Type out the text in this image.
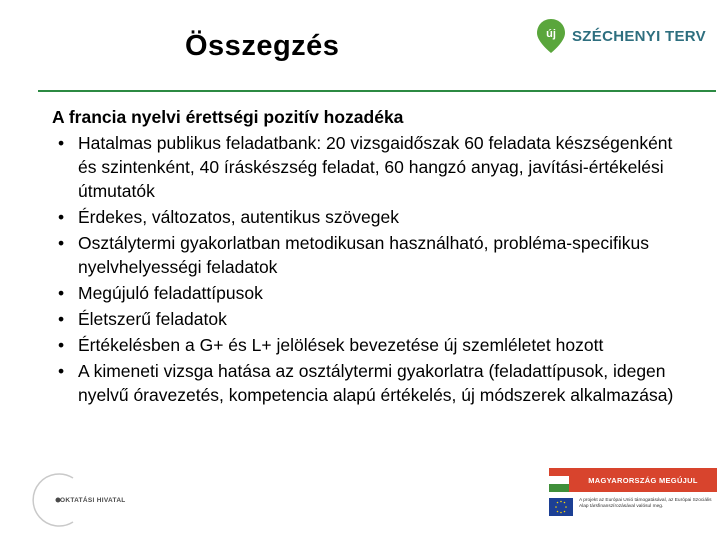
Összegzés	új SZÉCHENYI TERV

A francia nyelvi érettségi pozitív hozadéka

• Hatalmas publikus feladatbank: 20 vizsgaidőszak 60 feladata készségenként és szintenként, 40 íráskészség feladat, 60 hangzó anyag, javítási-értékelési útmutatók
• Érdekes, változatos, autentikus szövegek
• Osztálytermi gyakorlatban metodikusan használható, probléma-specifikus nyelvhelyességi feladatok
• Megújuló feladattípusok
• Életszerű feladatok
• Értékelésben a G+ és L+ jelölések bevezetése új szemléletet hozott
• A kimeneti vizsga hatása az osztálytermi gyakorlatra (feladattípusok, idegen nyelvű óravezetés, kompetencia alapú értékelés, új módszerek alkalmazása)
OKTATÁSI HIVATAL
MAGYARORSZÁG MEGÚJUL
A projekt az Európai Unió támogatásával, az Európai Szociális Alap társfinanszírozásával valósul meg.
